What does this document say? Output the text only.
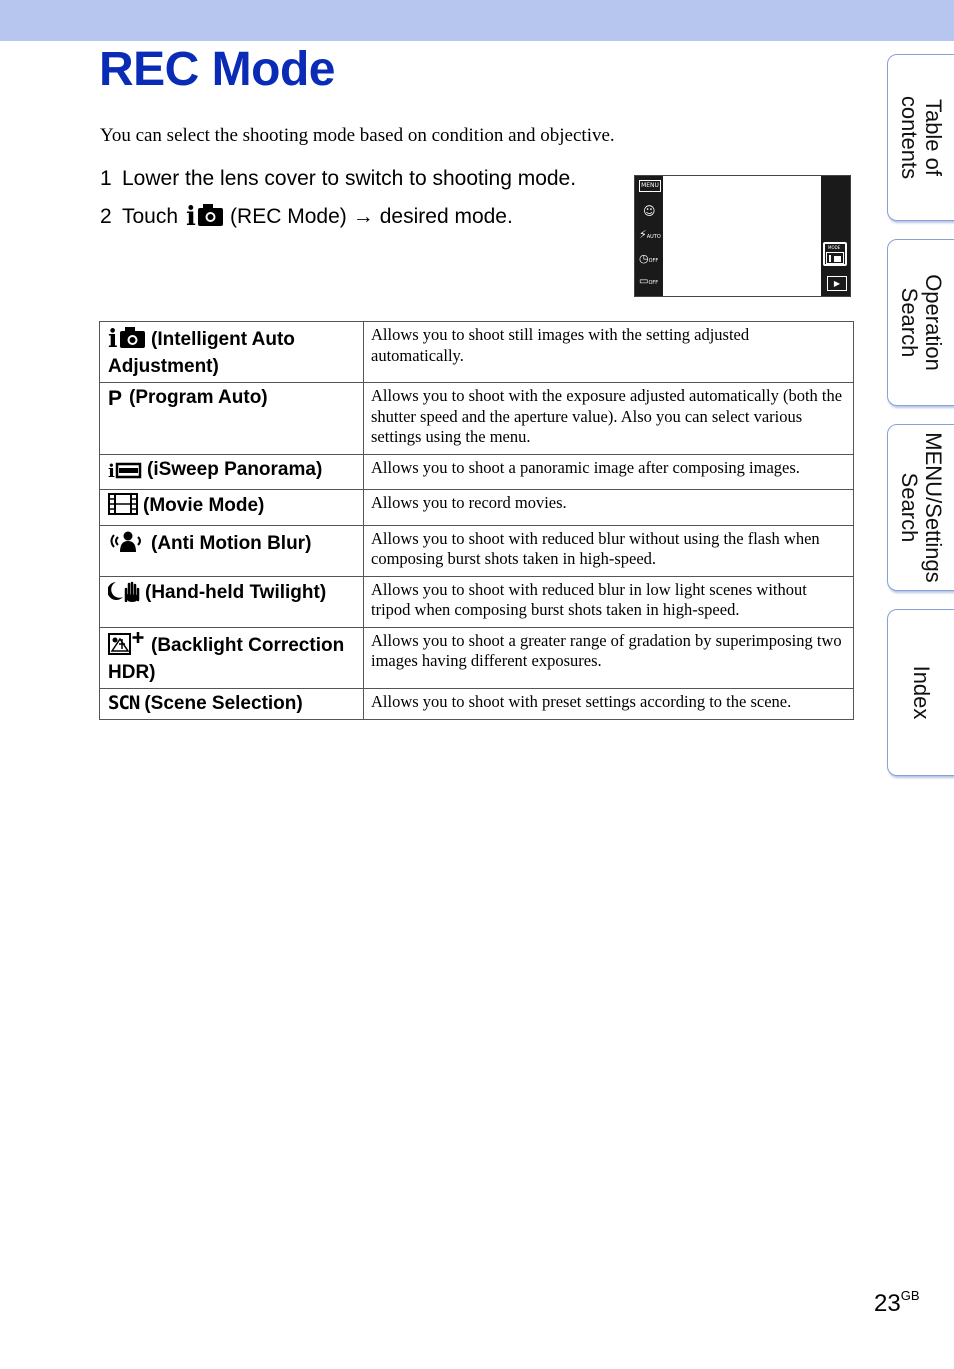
REC Mode
You can select the shooting mode based on condition and objective.
1 Lower the lens cover to switch to shooting mode.
2 Touch i (REC Mode) → desired mode.
MENU
☺
⚡AUTO
◷OFF
▭OFF
MODE
▶
i (Intelligent Auto Adjustment)	Allows you to shoot still images with the setting adjusted automatically.

P (Program Auto)	Allows you to shoot with the exposure adjusted automatically (both the shutter speed and the aperture value). Also you can select various settings using the menu.

i (iSweep Panorama)	Allows you to shoot a panoramic image after composing images.
(Movie Mode)	Allows you to record movies.
(Anti Motion Blur)	Allows you to shoot with reduced blur without using the flash when composing burst shots taken in high-speed.
(Hand-held Twilight)	Allows you to shoot with reduced blur in low light scenes without tripod when composing burst shots taken in high-speed.
(Backlight Correction HDR)	Allows you to shoot a greater range of gradation by superimposing two images having different exposures.
SCN (Scene Selection)	Allows you to shoot with preset settings according to the scene.
Table of
contents
Operation
Search
MENU/Settings
Search
Index
$23^{GB}$
